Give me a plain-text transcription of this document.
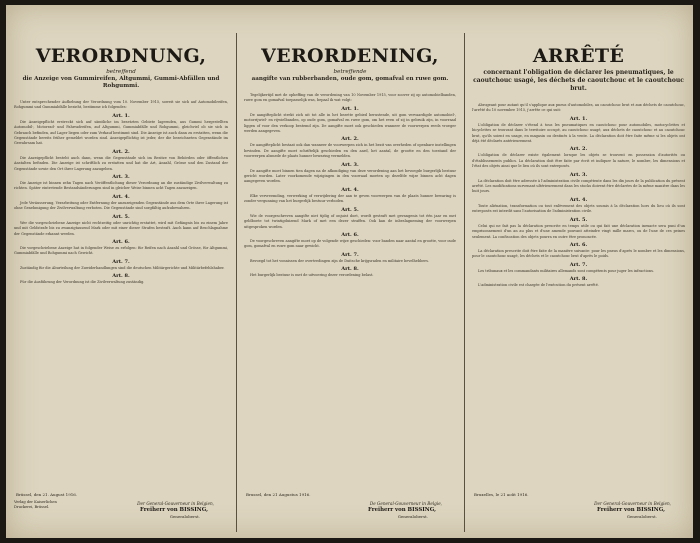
VERORDNUNG,
betreffend
die Anzeige von Gummireifen, Altgummi, Gummi-Abfällen und Rohgummi.

Unter entsprechender Aufhebung der Verordnung vom 10. November 1915, soweit sie sich auf Automobilreifen, Rohgummi und Gummiabfälle bezieht, bestimme ich folgendes:

Art. 1.

Die Anzeigepflicht erstreckt sich auf sämtliche im besetzten Gebiete lagernden, aus Gummi hergestellten Automobil-, Motorrad- und Fahrradreifen, auf Altgummi, Gummiabfälle und Rohgummi, gleichviel ob sie sich in Gebrauch befinden, auf Lager liegen oder zum Verkauf bestimmt sind. Die Anzeige ist auch dann zu erstatten, wenn die Gegenstände bereits früher gemeldet worden sind. Anzeigepflichtig ist jeder, der die bezeichneten Gegenstände im Gewahrsam hat.

Art. 2.

Die Anzeigepflicht besteht auch dann, wenn die Gegenstände sich im Besitze von Behörden oder öffentlichen Anstalten befinden. Die Anzeige ist schriftlich zu erstatten und hat die Art, Anzahl, Grösse und den Zustand der Gegenstände sowie den Ort ihrer Lagerung anzugeben.

Art. 3.

Die Anzeige ist binnen zehn Tagen nach Veröffentlichung dieser Verordnung an die zuständige Zivilverwaltung zu richten. Später eintretende Bestandsänderungen sind in gleicher Weise binnen acht Tagen anzuzeigen.

Art. 4.

Jede Veräusserung, Verarbeitung oder Entfernung der anzuzeigenden Gegenstände aus dem Orte ihrer Lagerung ist ohne Genehmigung der Zivilverwaltung verboten. Die Gegenstände sind sorgfältig aufzubewahren.

Art. 5.

Wer die vorgeschriebene Anzeige nicht rechtzeitig oder unrichtig erstattet, wird mit Gefängnis bis zu einem Jahre und mit Geldstrafe bis zu zwanzigtausend Mark oder mit einer dieser Strafen bestraft. Auch kann auf Beschlagnahme der Gegenstände erkannt werden.

Art. 6.

Die vorgeschriebene Anzeige hat in folgender Weise zu erfolgen: für Reifen nach Anzahl und Grösse, für Altgummi, Gummiabfälle und Rohgummi nach Gewicht.

Art. 7.

Zuständig für die Aburteilung der Zuwiderhandlungen sind die deutschen Militärgerichte und Militärbefehlshaber.

Art. 8.

Für die Ausführung der Verordnung ist die Zivilverwaltung zuständig.

Brüssel, den 21. August 1916.
Verlag der Kaiserlichen Druckerei, Brüssel.
Der General-Gouverneur in Belgien,
Freiherr von BISSING,
Generaloberst.
VERORDENING,
betreffende
aangifte van rubberbanden, oude gom, gomafval en ruwe gom.

Tegelijkertijd met de opheffing van de verordening van 10 November 1915, voor zoover zij op automobielbanden, ruwe gom en gomafval toepasselijk was, bepaal ik wat volgt:

Art. 1.

De aangifteplicht strekt zich uit tot alle in het bezette gebied berustende, uit gom vervaardigde automobiel-, motorrijwiel- en rijwielbanden, op oude gom, gomafval en ruwe gom, om het even of zij in gebruik zijn, in voorraad liggen of voor den verkoop bestemd zijn. De aangifte moet ook geschieden wanneer de voorwerpen reeds vroeger werden aangegeven.

Art. 2.

De aangifteplicht bestaat ook dan wanneer de voorwerpen zich in het bezit van overheden of openbare instellingen bevinden. De aangifte moet schriftelijk geschieden en den aard, het aantal, de grootte en den toestand der voorwerpen alsmede de plaats hunner bewaring vermelden.

Art. 3.

De aangifte moet binnen tien dagen na de afkondiging van deze verordening aan het bevoegde burgerlijk bestuur gericht worden. Later voorkomende wijzigingen in den voorraad moeten op dezelfde wijze binnen acht dagen aangegeven worden.

Art. 4.

Elke vervreemding, verwerking of verwijdering der aan te geven voorwerpen van de plaats hunner bewaring is zonder vergunning van het burgerlijk bestuur verboden.

Art. 5.

Wie de voorgeschreven aangifte niet tijdig of onjuist doet, wordt gestraft met gevangenis tot één jaar en met geldboete tot twintigduizend Mark of met een dezer straffen. Ook kan de inbeslagneming der voorwerpen uitgesproken worden.

Art. 6.

De voorgeschreven aangifte moet op de volgende wijze geschieden: voor banden naar aantal en grootte, voor oude gom, gomafval en ruwe gom naar gewicht.

Art. 7.

Bevoegd tot het vonnissen der overtredingen zijn de Duitsche krijgsraden en militaire bevelhebbers.

Art. 8.

Het burgerlijk bestuur is met de uitvoering dezer verordening belast.

Brussel, den 21 Augustus 1916.
De General-Gouverneur in Belgie,
Freiherr von BISSING,
Generaloberst.
ARRÊTÉ
concernant l'obligation de déclarer les pneumatiques, le caoutchouc usagé, les déchets de caoutchouc et le caoutchouc brut.

Abrogeant pour autant qu'il s'applique aux pneus d'automobiles, au caoutchouc brut et aux déchets de caoutchouc, l'arrêté du 10 novembre 1915, j'arrête ce qui suit:

Art. 1.

L'obligation de déclarer s'étend à tous les pneumatiques en caoutchouc pour automobiles, motocyclettes et bicyclettes se trouvant dans le territoire occupé, au caoutchouc usagé, aux déchets de caoutchouc et au caoutchouc brut, qu'ils soient en usage, en magasin ou destinés à la vente. La déclaration doit être faite même si les objets ont déjà été déclarés antérieurement.

Art. 2.

L'obligation de déclarer existe également lorsque les objets se trouvent en possession d'autorités ou d'établissements publics. La déclaration doit être faite par écrit et indiquer la nature, le nombre, les dimensions et l'état des objets ainsi que le lieu où ils sont entreposés.

Art. 3.

La déclaration doit être adressée à l'administration civile compétente dans les dix jours de la publication du présent arrêté. Les modifications survenant ultérieurement dans les stocks doivent être déclarées de la même manière dans les huit jours.

Art. 4.

Toute aliénation, transformation ou tout enlèvement des objets soumis à la déclaration hors du lieu où ils sont entreposés est interdit sans l'autorisation de l'administration civile.

Art. 5.

Celui qui ne fait pas la déclaration prescrite en temps utile ou qui fait une déclaration inexacte sera puni d'un emprisonnement d'un an au plus et d'une amende pouvant atteindre vingt mille marcs, ou de l'une de ces peines seulement. La confiscation des objets pourra en outre être prononcée.

Art. 6.

La déclaration prescrite doit être faite de la manière suivante: pour les pneus d'après le nombre et les dimensions, pour le caoutchouc usagé, les déchets et le caoutchouc brut d'après le poids.

Art. 7.

Les tribunaux et les commandants militaires allemands sont compétents pour juger les infractions.

Art. 8.

L'administration civile est chargée de l'exécution du présent arrêté.

Bruxelles, le 21 août 1916.
Der General-Gouverneur in Belgien,
Freiherr von BISSING,
Generaloberst.
